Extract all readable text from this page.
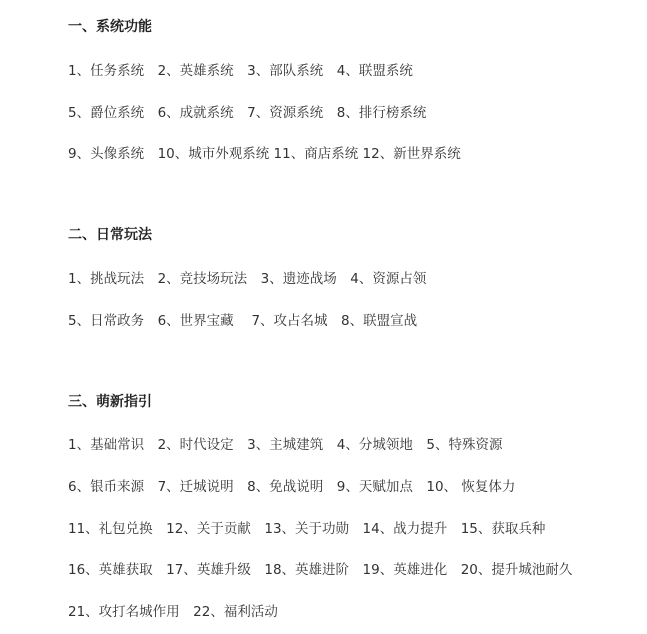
一、系统功能
1、任务系统　2、英雄系统　3、部队系统　4、联盟系统
5、爵位系统　6、成就系统　7、资源系统　8、排行榜系统
9、头像系统　10、城市外观系统 11、商店系统 12、新世界系统
二、日常玩法
1、挑战玩法　2、竞技场玩法　3、遗迹战场　4、资源占领
5、日常政务　6、世界宝藏　 7、攻占名城　8、联盟宣战
三、萌新指引
1、基础常识　2、时代设定　3、主城建筑　4、分城领地　5、特殊资源
6、银币来源　7、迁城说明　8、免战说明　9、天赋加点　10、 恢复体力
11、礼包兑换　12、关于贡献　13、关于功勋　14、战力提升　15、获取兵种
16、英雄获取　17、英雄升级　18、英雄进阶　19、英雄进化　20、提升城池耐久
21、攻打名城作用　22、福利活动
